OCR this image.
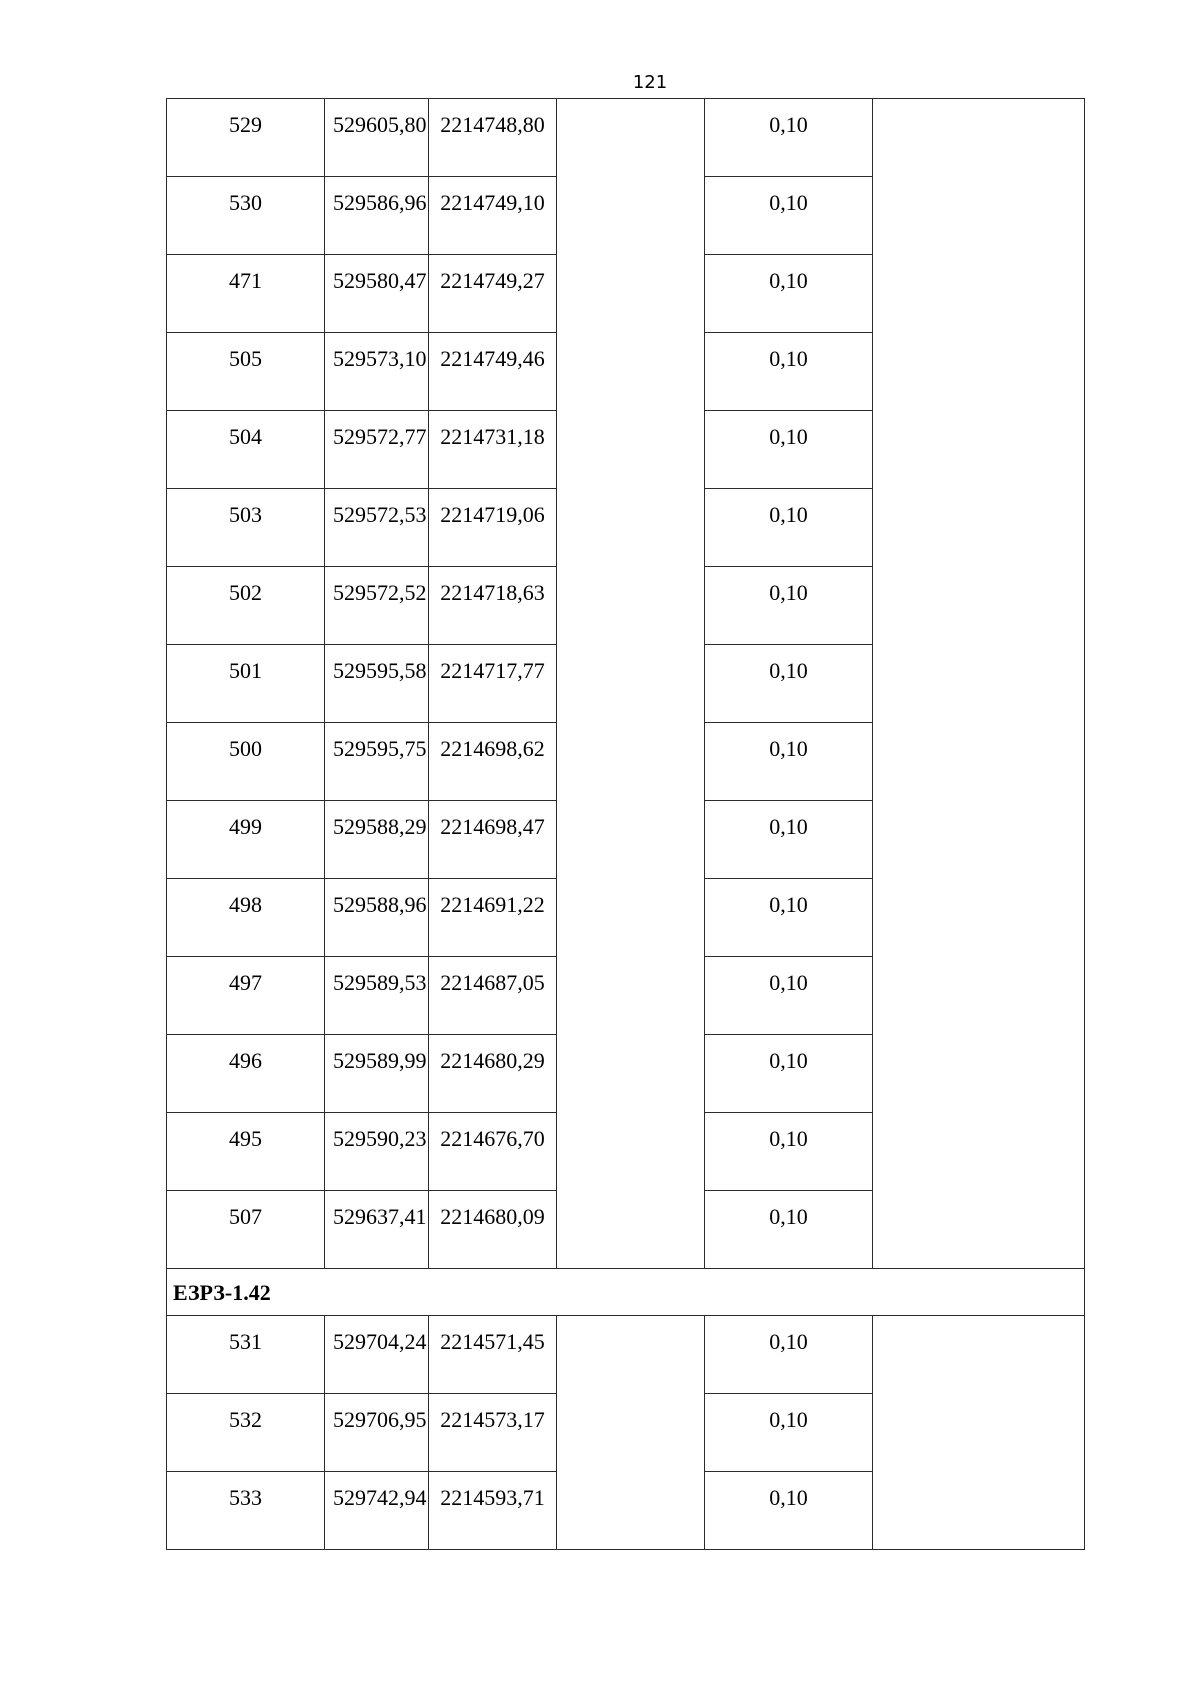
121
529	529605,80	2214748,80		0,10	
530	529586,96	2214749,10		0,10	
471	529580,47	2214749,27		0,10	
505	529573,10	2214749,46		0,10	
504	529572,77	2214731,18		0,10	
503	529572,53	2214719,06		0,10	
502	529572,52	2214718,63		0,10	
501	529595,58	2214717,77		0,10	
500	529595,75	2214698,62		0,10	
499	529588,29	2214698,47		0,10	
498	529588,96	2214691,22		0,10	
497	529589,53	2214687,05		0,10	
496	529589,99	2214680,29		0,10	
495	529590,23	2214676,70		0,10	
507	529637,41	2214680,09		0,10	
ЕЗРЗ-1.42					
531	529704,24	2214571,45		0,10	
532	529706,95	2214573,17		0,10	
533	529742,94	2214593,71		0,10	
